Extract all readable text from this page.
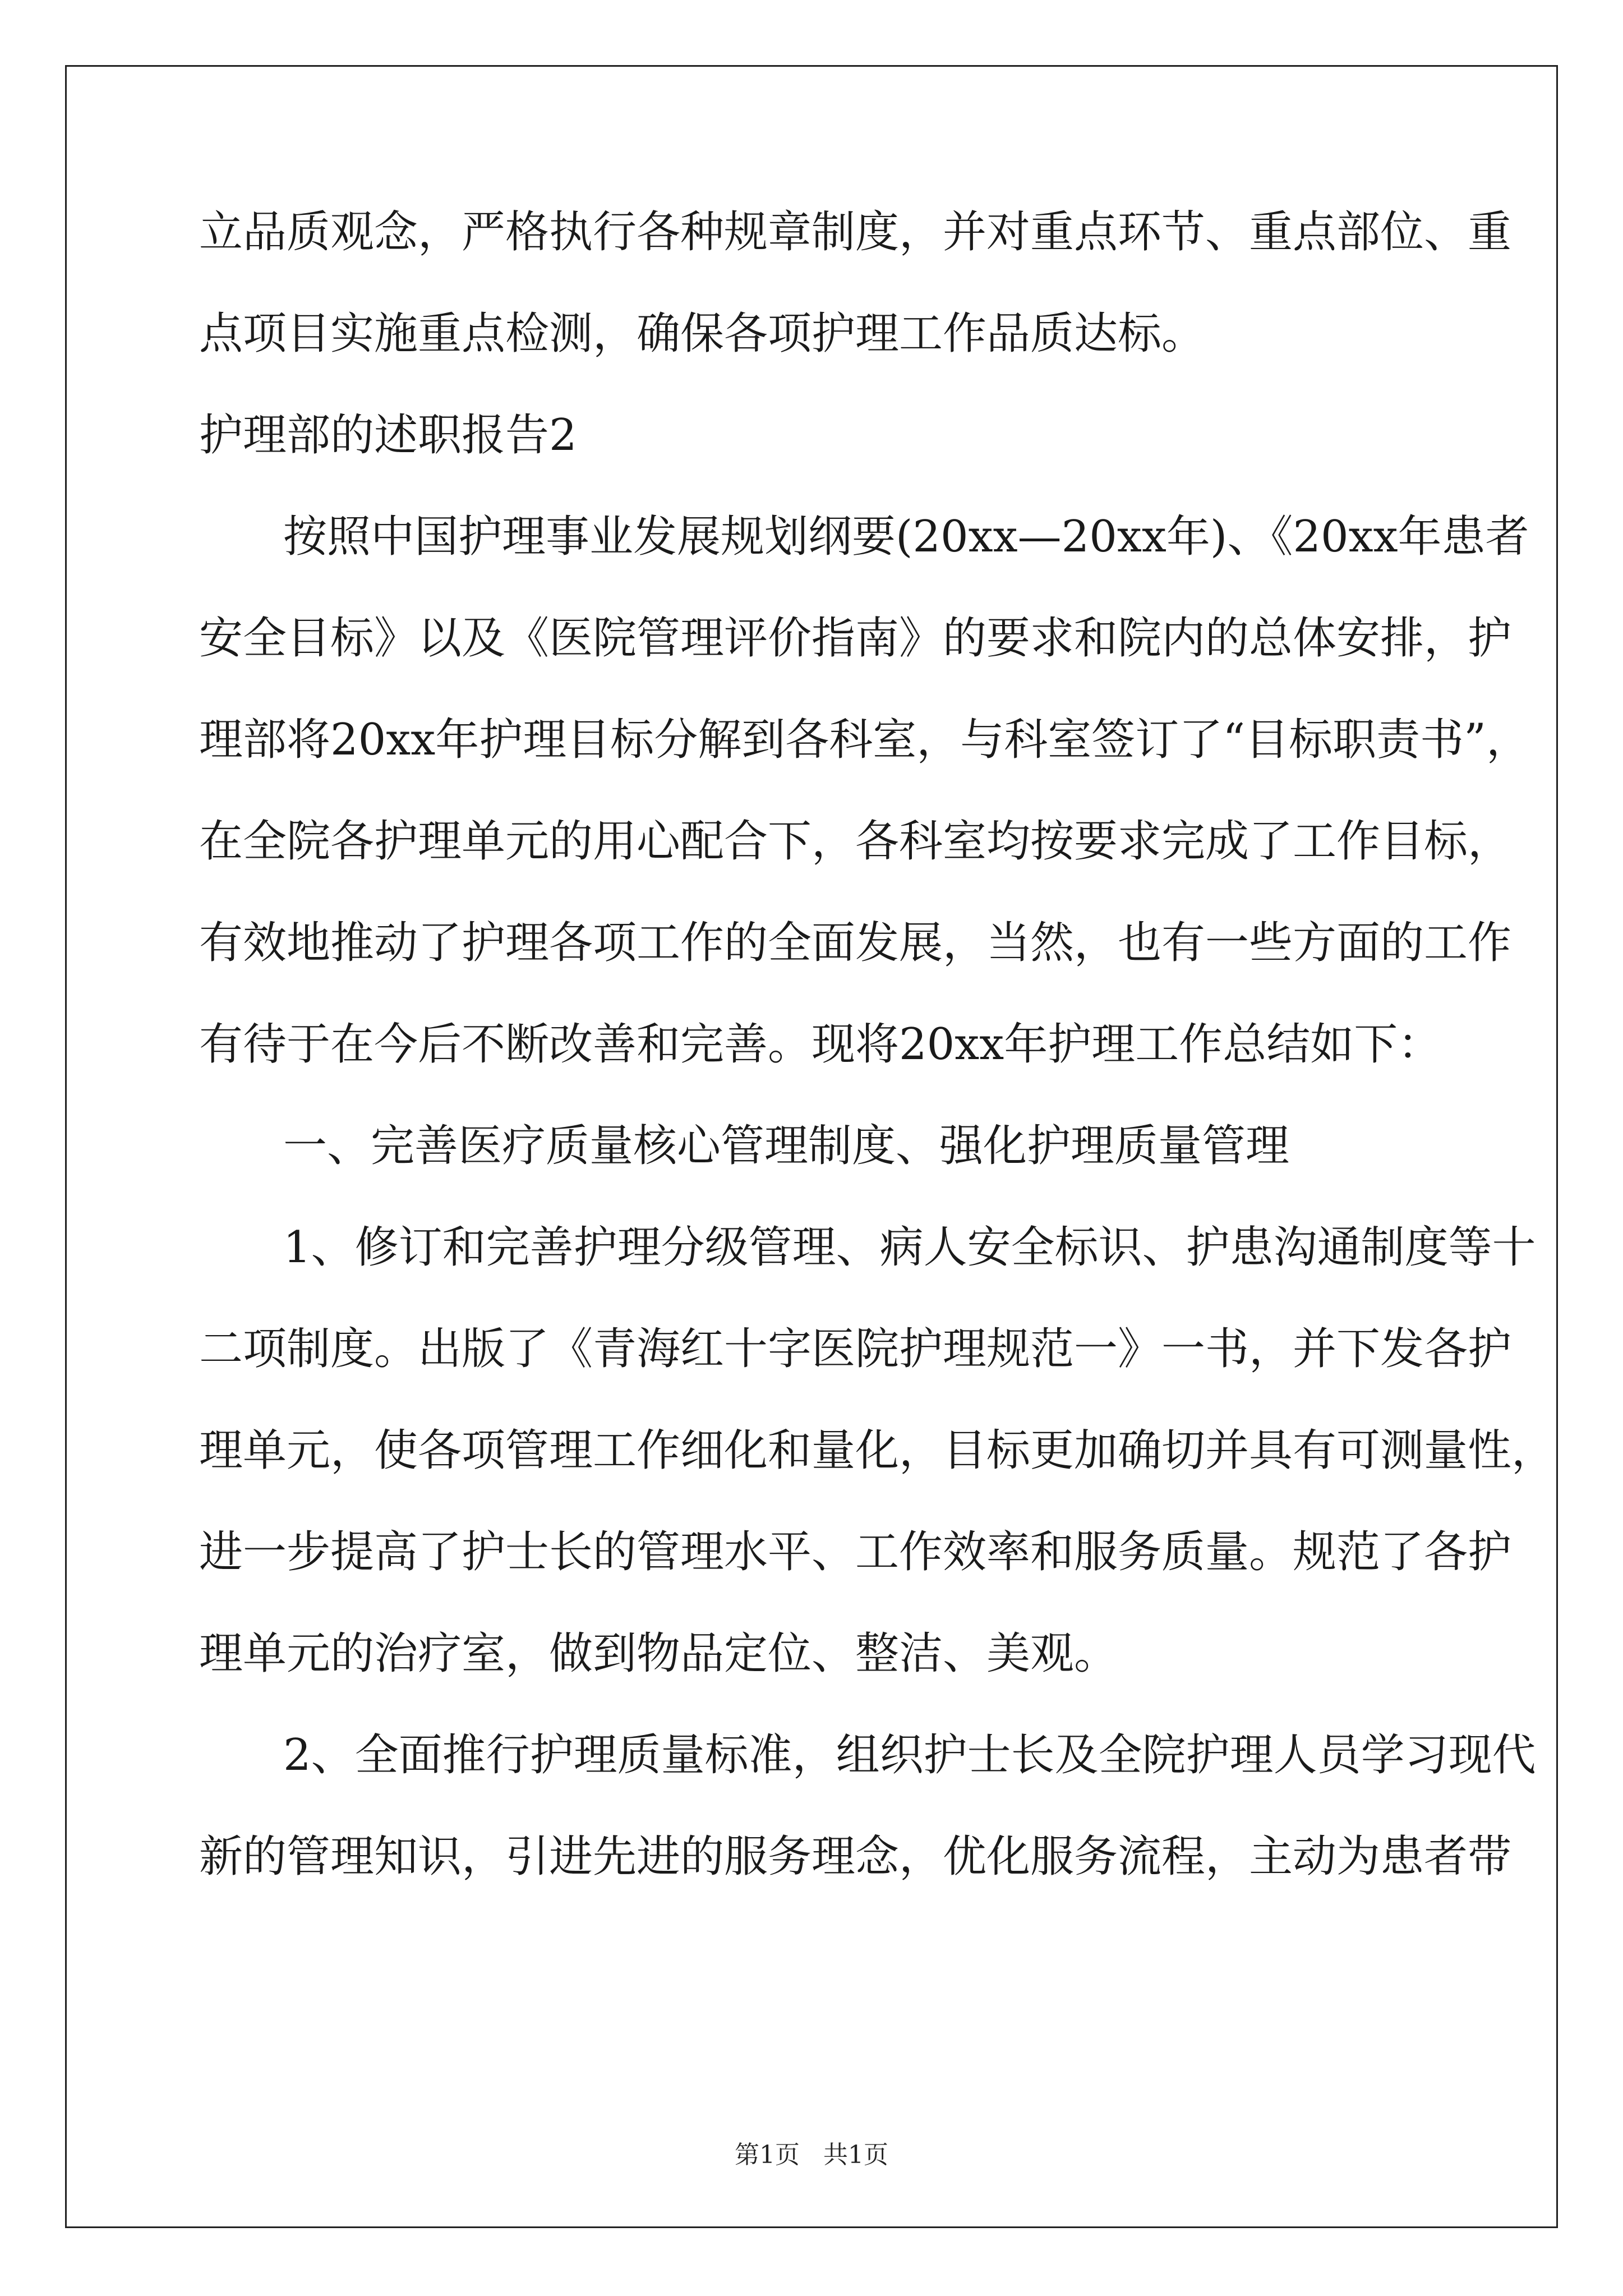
立品质观念，严格执行各种规章制度，并对重点环节、重点部位、重

点项目实施重点检测，确保各项护理工作品质达标。

护理部的述职报告2

按照中国护理事业发展规划纲要(20xx—20xx年)、《20xx年患者

安全目标》以及《医院管理评价指南》的要求和院内的总体安排，护

理部将20xx年护理目标分解到各科室，与科室签订了“目标职责书”，

在全院各护理单元的用心配合下，各科室均按要求完成了工作目标，

有效地推动了护理各项工作的全面发展，当然，也有一些方面的工作

有待于在今后不断改善和完善。现将20xx年护理工作总结如下：

一、完善医疗质量核心管理制度、强化护理质量管理

1、修订和完善护理分级管理、病人安全标识、护患沟通制度等十

二项制度。出版了《青海红十字医院护理规范一》一书，并下发各护

理单元，使各项管理工作细化和量化，目标更加确切并具有可测量性，

进一步提高了护士长的管理水平、工作效率和服务质量。规范了各护

理单元的治疗室，做到物品定位、整洁、美观。

2、全面推行护理质量标准，组织护士长及全院护理人员学习现代

新的管理知识，引进先进的服务理念，优化服务流程，主动为患者带

第1页   共1页
